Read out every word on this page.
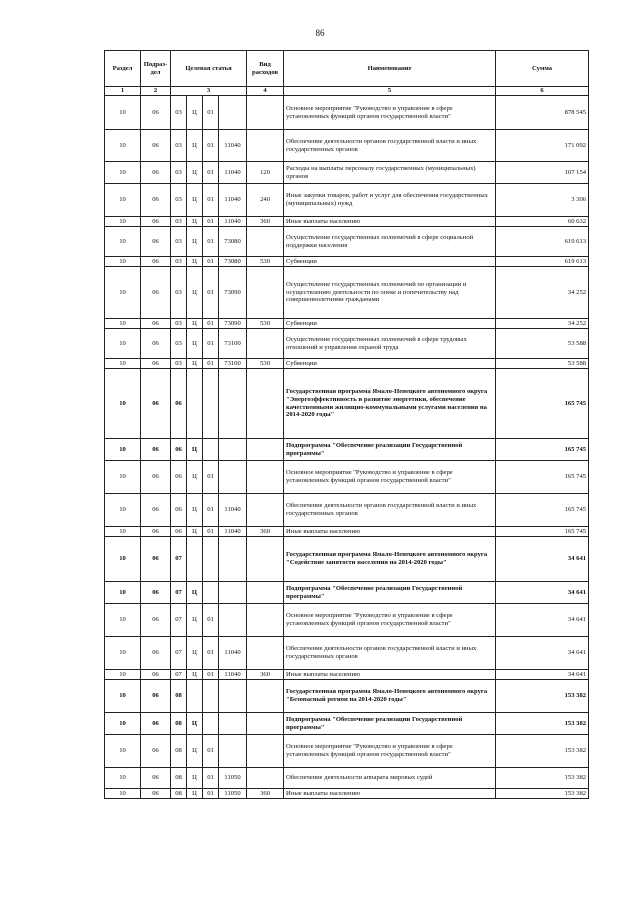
86
Раздел	Подраз-дел	Целевая статья				Вид расходов	Наименование	Сумма
1	2	3				4	5	6
10	06	03	Ц	01			Основное мероприятие "Руководство и управление в сфере установленных функций органов государственной власти"	878 545
10	06	03	Ц	01	11040		Обеспечение деятельности органов государственной власти и иных государственных органов	171 092
10	06	03	Ц	01	11040	120	Расходы на выплаты персоналу государственных (муниципальных) органов	107 154
10	06	03	Ц	01	11040	240	Иные закупки товаров, работ и услуг для обеспечения государственных (муниципальных) нужд	3 306
10	06	03	Ц	01	11040	360	Иные выплаты населению	60 632
10	06	03	Ц	01	73080		Осуществление государственных полномочий в сфере социальной поддержки населения	619 613
10	06	03	Ц	01	73080	530	Субвенции	619 613
10	06	03	Ц	01	73090		Осуществление государственных полномочий по организации и осуществлению деятельности по опеке и попечительству над совершеннолетними гражданами	34 252
10	06	03	Ц	01	73090	530	Субвенции	34 252
10	06	03	Ц	01	73100		Осуществление государственных полномочий в сфере трудовых отношений и управления охраной труда	53 588
10	06	03	Ц	01	73100	530	Субвенции	53 588
10	06	06					Государственная программа Ямало-Ненецкого автономного округа "Энергоэффективность и развитие энергетики, обеспечение качественными жилищно-коммунальными услугами населения на 2014-2020 годы"	165 745
10	06	06	Ц				Подпрограмма "Обеспечение реализации Государственной программы"	165 745
10	06	06	Ц	01			Основное мероприятие "Руководство и управление в сфере установленных функций органов государственной власти"	165 745
10	06	06	Ц	01	11040		Обеспечение деятельности органов государственной власти и иных государственных органов	165 745
10	06	06	Ц	01	11040	360	Иные выплаты населению	165 745
10	06	07					Государственная программа Ямало-Ненецкого автономного округа "Содействие занятости населения на 2014-2020 годы"	34 641
10	06	07	Ц				Подпрограмма "Обеспечение реализации Государственной программы"	34 641
10	06	07	Ц	01			Основное мероприятие "Руководство и управление в сфере установленных функций органов государственной власти"	34 641
10	06	07	Ц	01	11040		Обеспечение деятельности органов государственной власти и иных государственных органов	34 641
10	06	07	Ц	01	11040	360	Иные выплаты населению	34 641
10	06	08					Государственная программа Ямало-Ненецкого автономного округа "Безопасный регион на 2014-2020 годы"	153 382
10	06	08	Ц				Подпрограмма "Обеспечение реализации Государственной программы"	153 382
10	06	08	Ц	01			Основное мероприятие "Руководство и управление в сфере установленных функций органов государственной власти"	153 382
10	06	08	Ц	01	11050		Обеспечение деятельности аппарата мировых судей	153 382
10	06	08	Ц	01	11050	360	Иные выплаты населению	153 382
